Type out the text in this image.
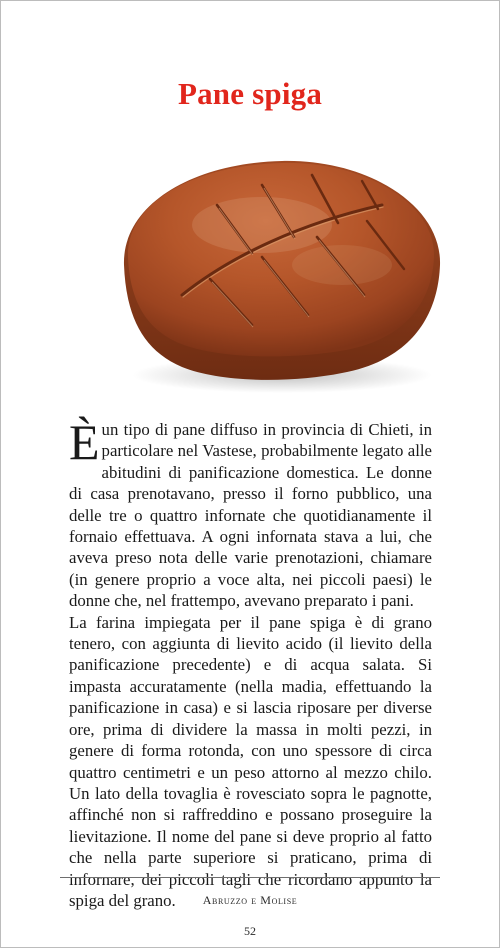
Pane spiga

Èun tipo di pane diffuso in provincia di Chieti, in particolare nel Vastese, probabilmente legato alle abitudini di panificazione domestica. Le donne di casa prenotavano, presso il forno pubblico, una delle tre o quattro infornate che quotidianamente il fornaio effettuava. A ogni infornata stava a lui, che aveva preso nota delle varie prenotazioni, chiamare (in genere proprio a voce alta, nei piccoli paesi) le donne che, nel frattempo, avevano preparato i pani.

La farina impiegata per il pane spiga è di grano tenero, con aggiunta di lievito acido (il lievito della panificazione precedente) e di acqua salata. Si impasta accuratamente (nella madia, effettuando la panificazione in casa) e si lascia riposare per diverse ore, prima di dividere la massa in molti pezzi, in genere di forma rotonda, con uno spessore di circa quattro centimetri e un peso attorno al mezzo chilo. Un lato della tovaglia è rovesciato sopra le pagnotte, affinché non si raffreddino e possano proseguire la lievitazione. Il nome del pane si deve proprio al fatto che nella parte superiore si praticano, prima di infornare, dei piccoli tagli che ricordano appunto la spiga del grano.	Abruzzo e Molise
52
